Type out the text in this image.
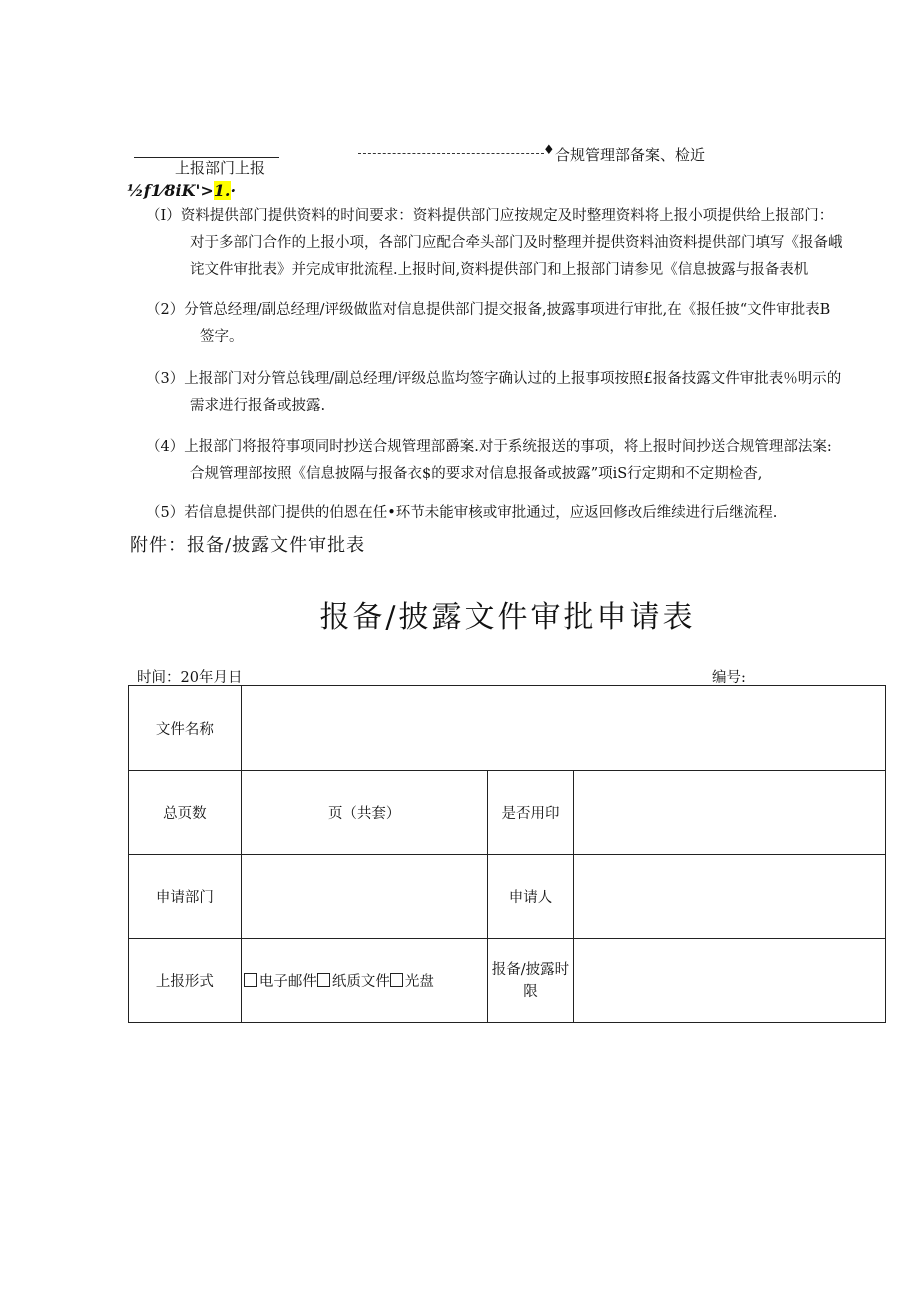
上报部门上报
♦ 合规管理部备案、检近
½f1⁄8iK'>1.·
（I）资料提供部门提供资料的时间要求：资料提供部门应按规定及时整理资料将上报小项提供给上报部门：
对于多部门合作的上报小项，各部门应配合牵头部门及时整理并提供资料油资料提供部门填写《报备峨
诧文件审批表》并完成审批流程.上报时间,资料提供部门和上报部门请参见《信息披露与报备表机
（2）分管总经理/副总经理/评级做监对信息提供部门提交报备,披露事项进行审批,在《报任披“文件审批表B
签字。
（3）上报部门对分管总钱理/副总经理/评级总监均签字确认过的上报事项按照£报备技露文件审批表％明示的
需求进行报备或披露.
（4）上报部门将报符事项同时抄送合规管理部爵案.对于系统报送的事项，将上报时间抄送合规管理部法案:
合规管理部按照《信息披隔与报备衣$的要求对信息报备或披露”项iS行定期和不定期检杳,
（5）若信息提供部门提供的伯恩在任•环节未能审核或审批通过，应返回修改后维续进行后继流程.
附件：报备/披露文件审批表
报备/披露文件审批申请表
时间：20年月日	编号:
文件名称			
总页数	页（共套）	是否用印	
申请部门		申请人	
上报形式	电子邮件 纸质文件 光盘	报备/披露时
限	
